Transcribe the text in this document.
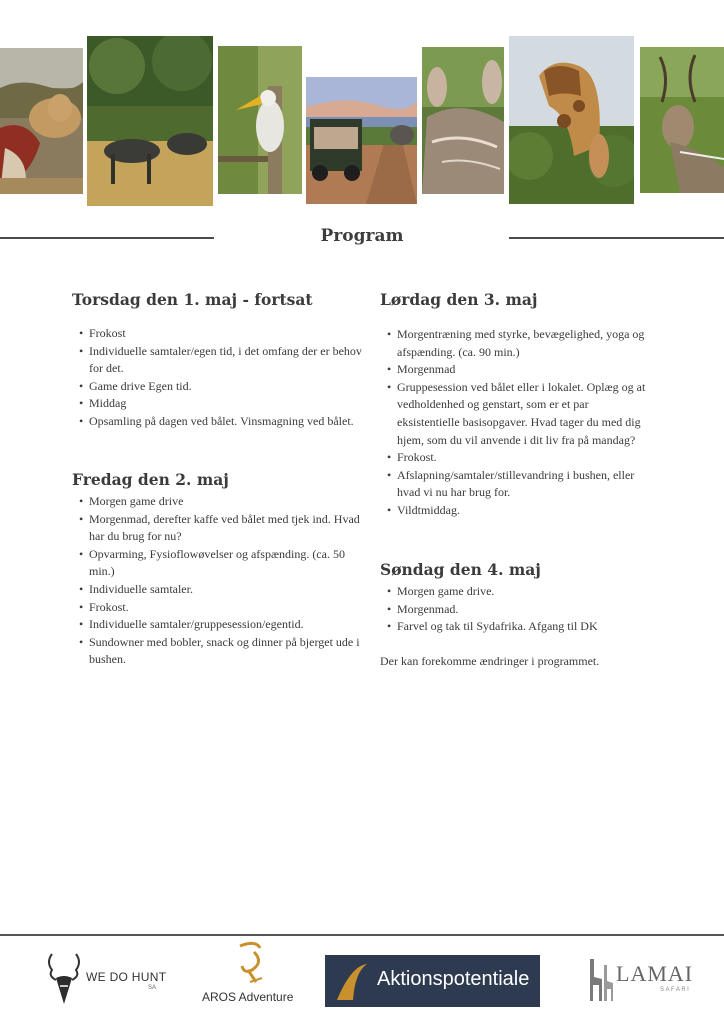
Program
Torsdag den 1. maj - fortsat
• Frokost
• Individuelle samtaler/egen tid, i det omfang der er behov for det.
• Game drive Egen tid.
• Middag
• Opsamling på dagen ved bålet. Vinsmagning ved bålet.
Fredag den 2. maj
• Morgen game drive
• Morgenmad, derefter kaffe ved bålet med tjek ind. Hvad har du brug for nu?
• Opvarming, Fysioflowøvelser og afspænding. (ca. 50 min.)
• Individuelle samtaler.
• Frokost.
• Individuelle samtaler/gruppesession/egentid.
• Sundowner med bobler, snack og dinner på bjerget ude i bushen.
Lørdag den 3. maj
• Morgentræning med styrke, bevægelighed, yoga og afspænding. (ca. 90 min.)
• Morgenmad
• Gruppesession ved bålet eller i lokalet. Oplæg og at vedholdenhed og genstart, som er et par eksistentielle basisopgaver. Hvad tager du med dig hjem, som du vil anvende i dit liv fra på mandag?
• Frokost.
• Afslapning/samtaler/stillevandring i bushen, eller hvad vi nu har brug for.
• Vildtmiddag.
Søndag den 4. maj
• Morgen game drive.
• Morgenmad.
• Farvel og tak til Sydafrika. Afgang til DK
Der kan forekomme ændringer i programmet.
WE DO HUNT
SA
AROS Adventure
Aktionspotentiale	LAMAI
SAFARI
